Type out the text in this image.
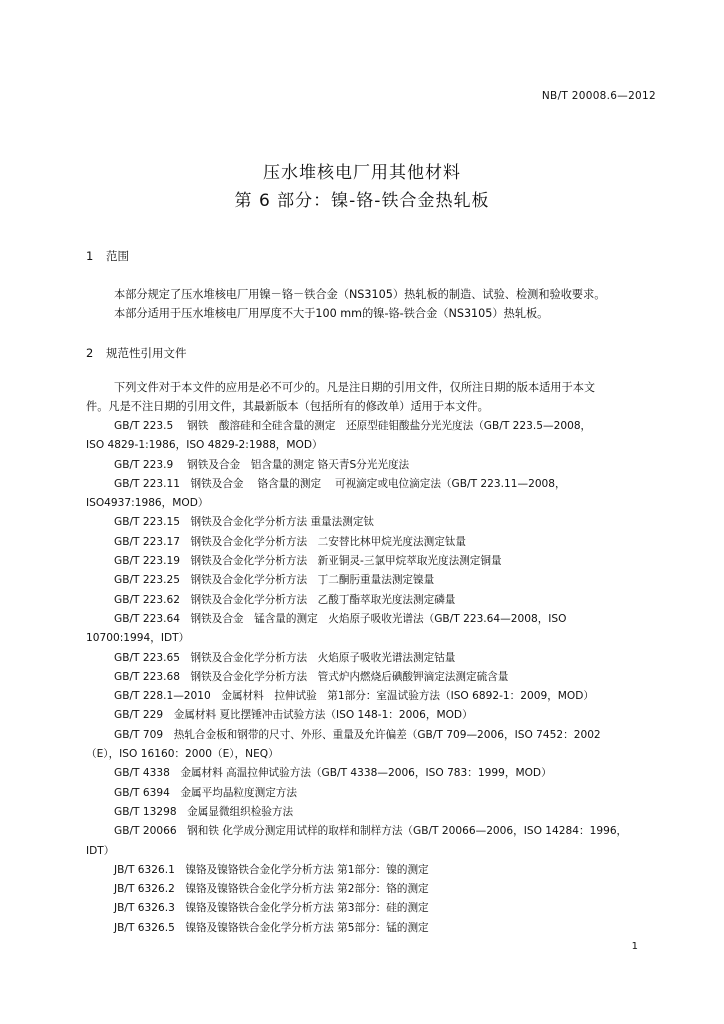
NB/T 20008.6—2012
压水堆核电厂用其他材料
第 6 部分：镍-铬-铁合金热轧板
1 范围

本部分规定了压水堆核电厂用镍－铬－铁合金（NS3105）热轧板的制造、试验、检测和验收要求。

本部分适用于压水堆核电厂用厚度不大于100 mm的镍-铬-铁合金（NS3105）热轧板。

2 规范性引用文件

下列文件对于本文件的应用是必不可少的。凡是注日期的引用文件，仅所注日期的版本适用于本文

件。凡是不注日期的引用文件，其最新版本（包括所有的修改单）适用于本文件。

GB/T 223.5　 钢铁　酸溶硅和全硅含量的测定　还原型硅钼酸盐分光光度法（GB/T 223.5—2008，
ISO 4829-1:1986，ISO 4829-2:1988，MOD）
GB/T 223.9　 钢铁及合金　铝含量的测定 铬天青S分光光度法
GB/T 223.11　钢铁及合金　 铬含量的测定　 可视滴定或电位滴定法（GB/T 223.11—2008，
ISO4937:1986，MOD）
GB/T 223.15　钢铁及合金化学分析方法 重量法测定钛
GB/T 223.17　钢铁及合金化学分析方法　二安替比林甲烷光度法测定钛量
GB/T 223.19　钢铁及合金化学分析方法　新亚铜灵-三氯甲烷萃取光度法测定铜量
GB/T 223.25　钢铁及合金化学分析方法　丁二酮肟重量法测定镍量
GB/T 223.62　钢铁及合金化学分析方法　乙酸丁酯萃取光度法测定磷量
GB/T 223.64　钢铁及合金　锰含量的测定　火焰原子吸收光谱法（GB/T 223.64—2008，ISO
10700:1994，IDT）
GB/T 223.65　钢铁及合金化学分析方法　火焰原子吸收光谱法测定钴量
GB/T 223.68　钢铁及合金化学分析方法　管式炉内燃烧后碘酸钾滴定法测定硫含量
GB/T 228.1—2010　金属材料　拉伸试验　第1部分：室温试验方法（ISO 6892-1：2009，MOD）
GB/T 229　金属材料 夏比摆锤冲击试验方法（ISO 148-1：2006，MOD）
GB/T 709　热轧合金板和钢带的尺寸、外形、重量及允许偏差（GB/T 709—2006，ISO 7452：2002
（E），ISO 16160：2000（E），NEQ）
GB/T 4338　金属材料 高温拉伸试验方法（GB/T 4338—2006，ISO 783：1999，MOD）
GB/T 6394　金属平均晶粒度测定方法
GB/T 13298　金属显微组织检验方法
GB/T 20066　钢和铁 化学成分测定用试样的取样和制样方法（GB/T 20066—2006，ISO 14284：1996，
IDT）
JB/T 6326.1　镍铬及镍铬铁合金化学分析方法 第1部分：镍的测定
JB/T 6326.2　镍铬及镍铬铁合金化学分析方法 第2部分：铬的测定
JB/T 6326.3　镍铬及镍铬铁合金化学分析方法 第3部分：硅的测定
JB/T 6326.5　镍铬及镍铬铁合金化学分析方法 第5部分：锰的测定
1
